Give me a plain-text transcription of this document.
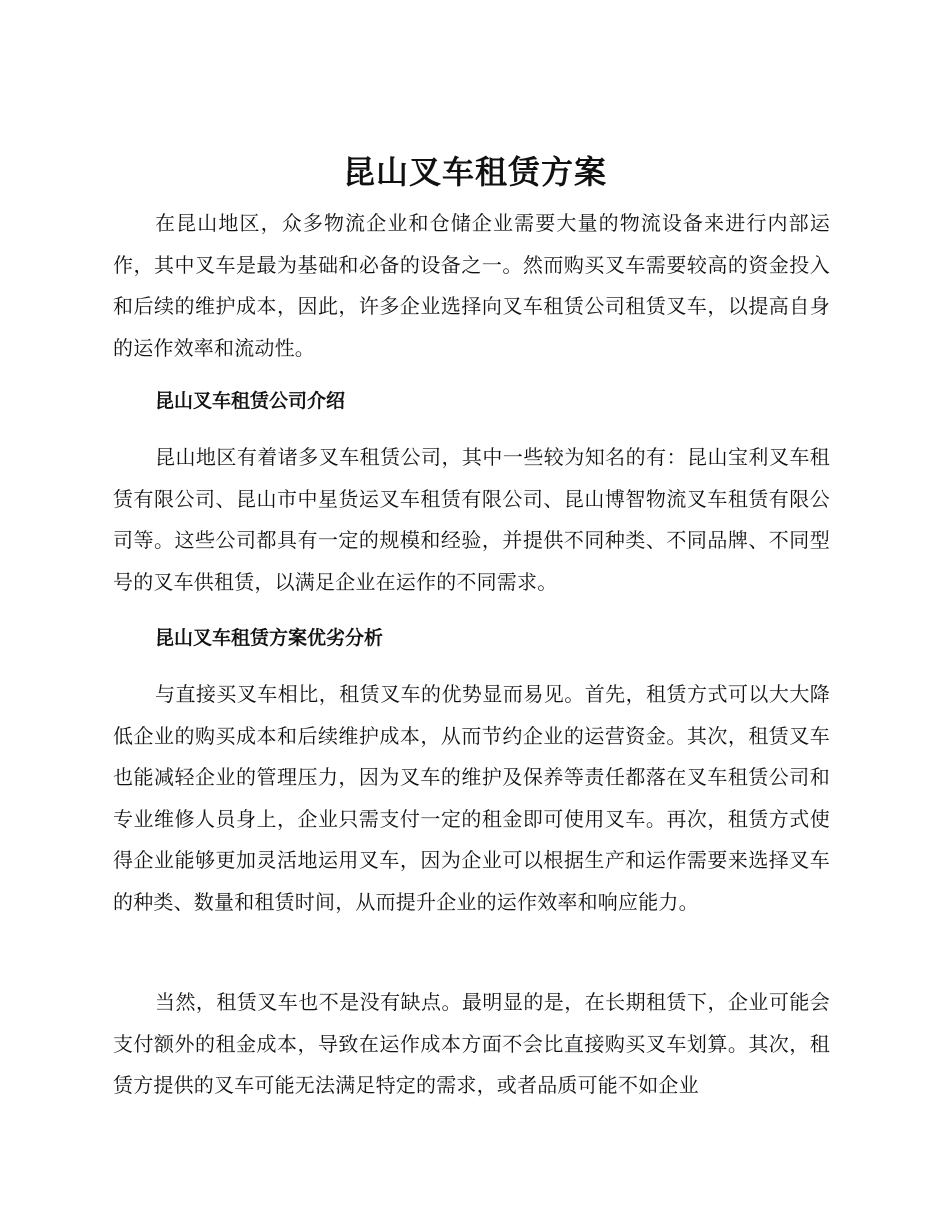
昆山叉车租赁方案

在昆山地区，众多物流企业和仓储企业需要大量的物流设备来进行内部运作，其中叉车是最为基础和必备的设备之一。然而购买叉车需要较高的资金投入和后续的维护成本，因此，许多企业选择向叉车租赁公司租赁叉车，以提高自身的运作效率和流动性。

昆山叉车租赁公司介绍

昆山地区有着诸多叉车租赁公司，其中一些较为知名的有：昆山宝利叉车租赁有限公司、昆山市中星货运叉车租赁有限公司、昆山博智物流叉车租赁有限公司等。这些公司都具有一定的规模和经验，并提供不同种类、不同品牌、不同型号的叉车供租赁，以满足企业在运作的不同需求。

昆山叉车租赁方案优劣分析

与直接买叉车相比，租赁叉车的优势显而易见。首先，租赁方式可以大大降低企业的购买成本和后续维护成本，从而节约企业的运营资金。其次，租赁叉车也能减轻企业的管理压力，因为叉车的维护及保养等责任都落在叉车租赁公司和专业维修人员身上，企业只需支付一定的租金即可使用叉车。再次，租赁方式使得企业能够更加灵活地运用叉车，因为企业可以根据生产和运作需要来选择叉车的种类、数量和租赁时间，从而提升企业的运作效率和响应能力。

当然，租赁叉车也不是没有缺点。最明显的是，在长期租赁下，企业可能会支付额外的租金成本，导致在运作成本方面不会比直接购买叉车划算。其次，租赁方提供的叉车可能无法满足特定的需求，或者品质可能不如企业
